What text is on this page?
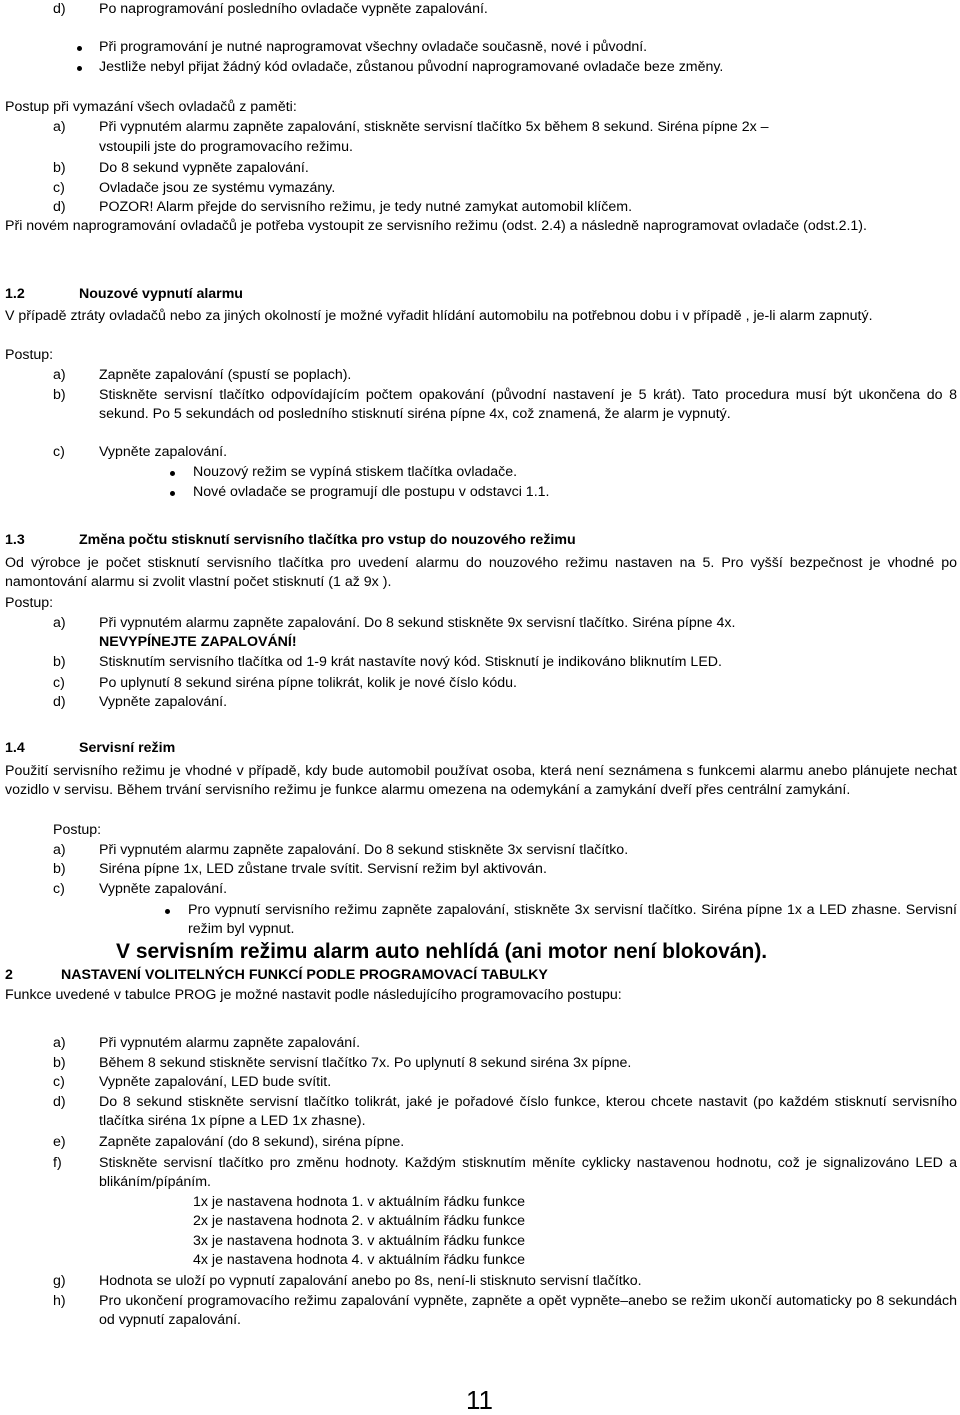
d) Po naprogramování posledního ovladače vypněte zapalování.
Při programování je nutné naprogramovat všechny ovladače současně, nové i původní.
Jestliže nebyl přijat žádný kód ovladače, zůstanou původní naprogramované ovladače beze změny.
Postup při vymazání všech ovladačů z paměti:
a) Při vypnutém alarmu zapněte zapalování, stiskněte servisní tlačítko 5x během 8 sekund. Siréna pípne 2x –
vstoupili jste do programovacího režimu.
b) Do 8 sekund vypněte zapalování.
c) Ovladače jsou ze systému vymazány.
d) POZOR! Alarm přejde do servisního režimu, je tedy nutné zamykat automobil klíčem.
Při novém naprogramování ovladačů je potřeba vystoupit ze servisního režimu (odst. 2.4) a následně naprogramovat ovladače (odst.2.1).
1.2	Nouzové vypnutí alarmu
V případě ztráty ovladačů nebo za jiných okolností je možné vyřadit hlídání automobilu na potřebnou dobu i v případě , je-li alarm zapnutý.
Postup:
a) Zapněte zapalování (spustí se poplach).
b) Stiskněte servisní tlačítko odpovídajícím počtem opakování (původní nastavení je 5 krát). Tato procedura musí být ukončena do 8 sekund. Po 5 sekundách od posledního stisknutí siréna pípne 4x, což znamená, že alarm je vypnutý.
c) Vypněte zapalování.
Nouzový režim se vypíná stiskem tlačítka ovladače.
Nové ovladače se programují dle postupu v odstavci 1.1.
1.3	Změna počtu stisknutí servisního tlačítka pro vstup do nouzového režimu
Od výrobce je počet stisknutí servisního tlačítka pro uvedení alarmu do nouzového režimu nastaven na 5. Pro vyšší bezpečnost je vhodné po namontování alarmu si zvolit vlastní počet stisknutí (1 až 9x ).
Postup:
a) Při vypnutém alarmu zapněte zapalování. Do 8 sekund stiskněte 9x servisní tlačítko. Siréna pípne 4x.
NEVYPÍNEJTE ZAPALOVÁNÍ!
b) Stisknutím servisního tlačítka od 1-9 krát nastavíte nový kód. Stisknutí je indikováno bliknutím LED.
c) Po uplynutí 8 sekund siréna pípne tolikrát, kolik je nové číslo kódu.
d) Vypněte zapalování.
1.4	Servisní režim
Použití servisního režimu je vhodné v případě, kdy bude automobil používat osoba, která není seznámena s funkcemi alarmu anebo plánujete nechat vozidlo v servisu. Během trvání servisního režimu je funkce alarmu omezena na odemykání a zamykání dveří přes centrální zamykání.
Postup:
a) Při vypnutém alarmu zapněte zapalování. Do 8 sekund stiskněte 3x servisní tlačítko.
b) Siréna pípne 1x, LED zůstane trvale svítit. Servisní režim byl aktivován.
c) Vypněte zapalování.
Pro vypnutí servisního režimu zapněte zapalování, stiskněte 3x servisní tlačítko. Siréna pípne 1x a LED zhasne. Servisní režim byl vypnut.
V servisním režimu alarm auto nehlídá (ani motor není blokován).
2	NASTAVENÍ VOLITELNÝCH FUNKCÍ PODLE PROGRAMOVACÍ TABULKY
Funkce uvedené v tabulce PROG je možné nastavit podle následujícího programovacího postupu:
a) Při vypnutém alarmu zapněte zapalování.
b) Během 8 sekund stiskněte servisní tlačítko 7x. Po uplynutí 8 sekund siréna 3x pípne.
c) Vypněte zapalování, LED bude svítit.
d) Do 8 sekund stiskněte servisní tlačítko tolikrát, jaké je pořadové číslo funkce, kterou chcete nastavit (po každém stisknutí servisního tlačítka siréna 1x pípne a LED 1x zhasne).
e) Zapněte zapalování (do 8 sekund), siréna pípne.
f)	Stiskněte servisní tlačítko pro změnu hodnoty. Každým stisknutím měníte cyklicky nastavenou hodnotu, což je signalizováno LED a blikáním/pípáním.
1x je nastavena hodnota 1. v aktuálním řádku funkce
2x je nastavena hodnota 2. v aktuálním řádku funkce
3x je nastavena hodnota 3. v aktuálním řádku funkce
4x je nastavena hodnota 4. v aktuálním řádku funkce
g) Hodnota se uloží po vypnutí zapalování anebo po 8s, není-li stisknuto servisní tlačítko.
h) Pro ukončení programovacího režimu zapalování vypněte, zapněte a opět vypněte–anebo se režim ukončí automaticky po 8 sekundách od vypnutí zapalování.
11
